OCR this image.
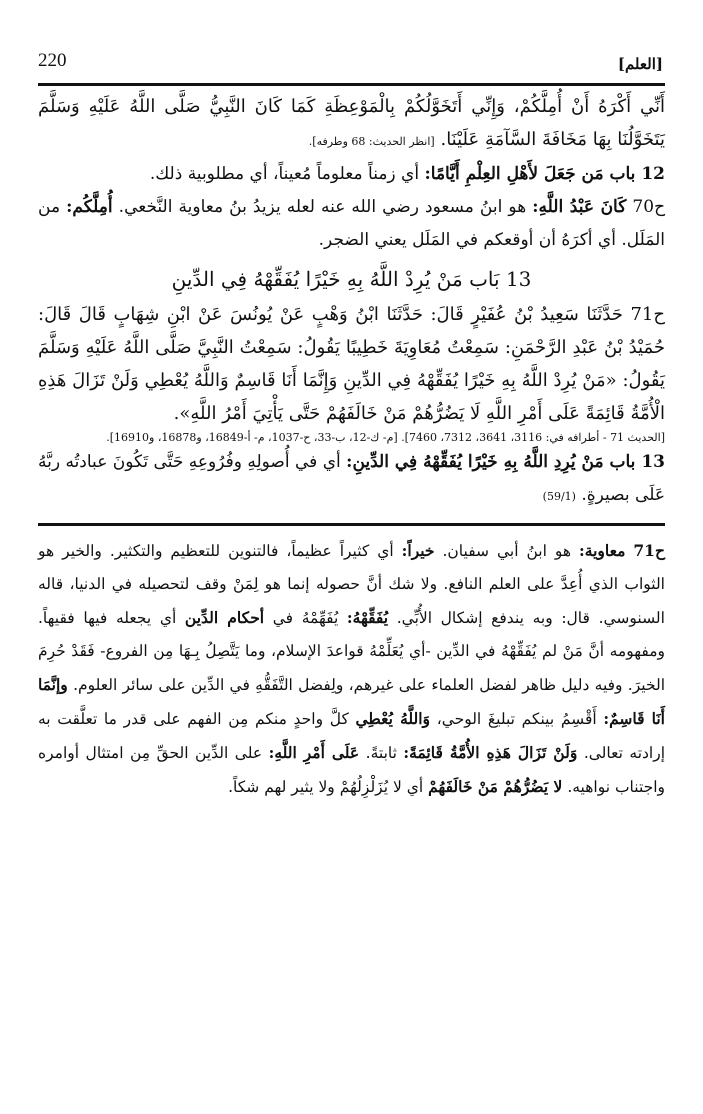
220	[العلم]

أَنِّي أَكْرَهُ أَنْ أُمِلَّكُمْ، وَإِنِّي أَتَخَوَّلُكُمْ بِالْمَوْعِظَةِ كَمَا كَانَ النَّبِيُّ صَلَّى اللَّهُ عَلَيْهِ وَسَلَّمَ يَتَخَوَّلُنَا بِهَا مَخَافَةَ السَّآمَةِ عَلَيْنَا. [انظر الحديث: 68 وطرفه].

12 باب مَن جَعَلَ لأَهْلِ العِلْمِ أَيَّامًا: أي زمناً معلوماً مُعيناً، أي مطلوبية ذلك.

ح70 كَانَ عَبْدُ اللَّهِ: هو ابنُ مسعود رضي الله عنه لعله يزيدُ بنُ معاوية النَّخعي. أُمِلَّكُم: من المَلَل. أي أكرَهُ أن أوقعكم في المَلَل يعني الضجر.

13 بَاب مَنْ يُرِدْ اللَّهُ بِهِ خَيْرًا يُفَقِّهْهُ فِي الدِّينِ

ح71 حَدَّثَنَا سَعِيدُ بْنُ عُفَيْرٍ قَالَ: حَدَّثَنَا ابْنُ وَهْبٍ عَنْ يُونُسَ عَنْ ابْنِ شِهَابٍ قَالَ قَالَ: حُمَيْدُ بْنُ عَبْدِ الرَّحْمَنِ: سَمِعْتُ مُعَاوِيَةَ خَطِيبًا يَقُولُ: سَمِعْتُ النَّبِيَّ صَلَّى اللَّهُ عَلَيْهِ وَسَلَّمَ يَقُولُ: «مَنْ يُرِدْ اللَّهُ بِهِ خَيْرًا يُفَقِّهْهُ فِي الدِّينِ وَإِنَّمَا أَنَا قَاسِمٌ وَاللَّهُ يُعْطِي وَلَنْ تَزَالَ هَذِهِ الْأُمَّةُ قَائِمَةً عَلَى أَمْرِ اللَّهِ لَا يَضُرُّهُمْ مَنْ خَالَفَهُمْ حَتَّى يَأْتِيَ أَمْرُ اللَّهِ».

[الحديث 71 - أطرافه في: 3116، 3641، 7312، 7460]. [م- ك-12، ب-33، ح-1037، م- أ-16849، و16878، و16910].

13 باب مَنْ يُرِدِ اللَّهُ بِهِ خَيْرًا يُفَقِّهْهُ فِي الدِّينِ: أي في أُصولِهِ وفُرُوعِهِ حَتَّى تَكُونَ عبادتُه ربَّهُ عَلَى بصيرةٍ. (59/1)

ح71 معاوية: هو ابنُ أبي سفيان. خيراً: أي كثيراً عظيماً، فالتنوين للتعظيم والتكثير. والخير هو الثواب الذي أُعِدَّ على العلم النافع. ولا شك أنَّ حصوله إنما هو لِمَنْ وقف لتحصيله في الدنيا، قاله السنوسي. قال: وبه يندفع إشكال الأُبِّي. يُفَقِّهْهُ: يُفَهِّمْهُ في أحكام الدِّين أي يجعله فيها فقيهاً. ومفهومه أنَّ مَنْ لم يُفَقِّهْهُ في الدِّين -أي يُعَلِّمْهُ قواعدَ الإسلام، وما يَتَّصِلُ بِـهَا مِن الفروع- فَقَدْ حُرِمَ الخيرَ. وفيه دليل ظاهر لفضل العلماء على غيرهم، ولِفضل التَّفَقُّهِ في الدِّين على سائر العلوم. وإنَّمَا أَنَا قَاسِمٌ: أَقْسِمُ بينكم تبليغَ الوحي، وَاللَّهُ يُعْطِي كلَّ واحدٍ منكم مِن الفهم على قدر ما تعلَّقت به إرادته تعالى. وَلَنْ تَزَالَ هَذِهِ الأُمَّةُ قَائِمَةً: ثابتةً. عَلَى أَمْرِ اللَّهِ: على الدِّين الحقِّ مِن امتثال أوامره واجتناب نواهيه. لا يَضُرُّهُمْ مَنْ خَالَفَهُمْ أي لا يُزَلْزِلُهُمْ ولا يثير لهم شكاً.
